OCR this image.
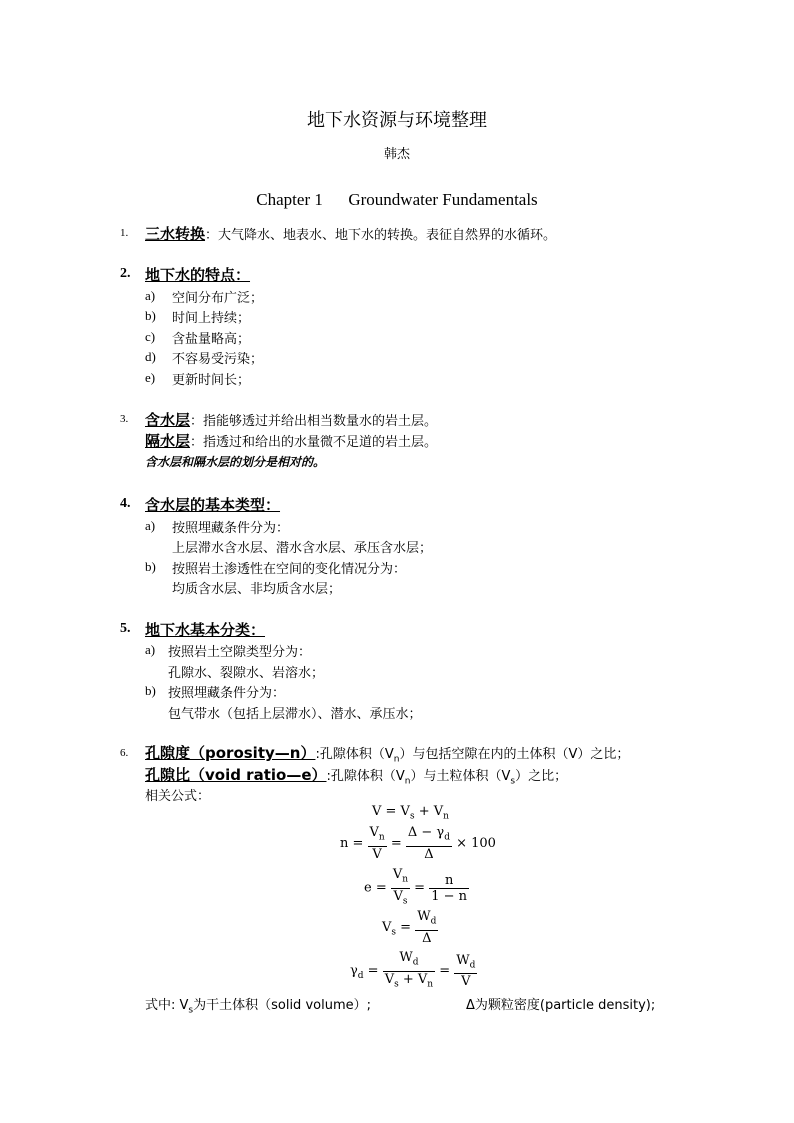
地下水资源与环境整理
韩杰
Chapter 1      Groundwater Fundamentals
1. 三水转换：大气降水、地表水、地下水的转换。表征自然界的水循环。
2. 地下水的特点：
a) 空间分布广泛；
b) 时间上持续；
c) 含盐量略高；
d) 不容易受污染；
e) 更新时间长；
3. 含水层：指能够透过并给出相当数量水的岩土层。
隔水层：指透过和给出的水量微不足道的岩土层。
含水层和隔水层的划分是相对的。
4. 含水层的基本类型：
a) 按照埋藏条件分为：
上层滞水含水层、潜水含水层、承压含水层；
b) 按照岩土渗透性在空间的变化情况分为：
均质含水层、非均质含水层；
5. 地下水基本分类：
a) 按照岩土空隙类型分为：
孔隙水、裂隙水、岩溶水；
b) 按照埋藏条件分为：
包气带水（包括上层滞水）、潜水、承压水；
6. 孔隙度（porosity—n）:孔隙体积$(V_n)$与包括空隙在内的土体积（V）之比；
孔隙比（void ratio—e）:孔隙体积$(V_n)$与土粒体积$(V_s)$之比；
相关公式：
$V = V_s + V_n$
$n = \frac{V_n}{V} = \frac{\Delta - \gamma_d}{\Delta} \times 100$
$e = \frac{V_n}{V_s} = \frac{n}{1 - n}$
$V_s = \frac{W_d}{\Delta}$
$\gamma_d = \frac{W_d}{V_s + V_n} = \frac{W_d}{V}$
式中: $V_s$为干土体积（solid volume）;	Δ为颗粒密度(particle density);
